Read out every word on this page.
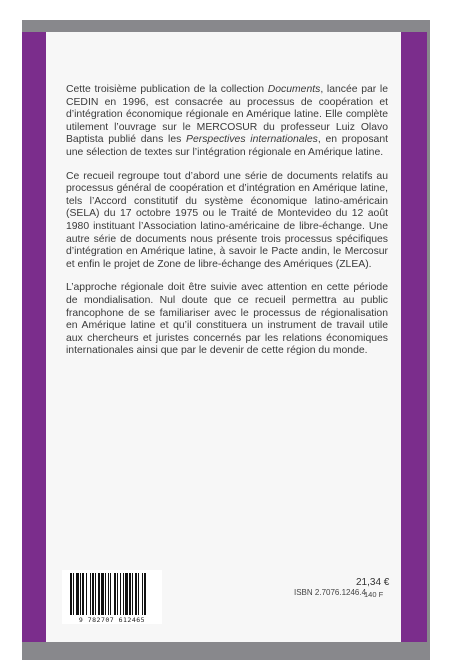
Cette troisième publication de la collection Documents, lancée par le CEDIN en 1996, est consacrée au processus de coopération et d’intégration économique régionale en Amérique latine. Elle complète utilement l’ouvrage sur le MERCOSUR du professeur Luiz Olavo Baptista publié dans les Perspectives internationales, en proposant une sélection de textes sur l’intégration régionale en Amérique latine.

Ce recueil regroupe tout d’abord une série de documents relatifs au processus général de coopération et d’intégration en Amérique latine, tels l’Accord constitutif du système économique latino-américain (SELA) du 17 octobre 1975 ou le Traité de Montevideo du 12 août 1980 instituant l’Association latino-américaine de libre-échange. Une autre série de documents nous présente trois processus spécifiques d’intégration en Amérique latine, à savoir le Pacte andin, le Mercosur et enfin le projet de Zone de libre-échange des Amériques (ZLEA).

L’approche régionale doit être suivie avec attention en cette période de mondialisation. Nul doute que ce recueil permettra au public francophone de se familiariser avec le processus de régionalisation en Amérique latine et qu’il constituera un instrument de travail utile aux chercheurs et juristes concernés par les relations économiques internationales ainsi que par le devenir de cette région du monde.

9 782707 612465
ISBN 2.7076.1246.4
21,34 €
140 F
